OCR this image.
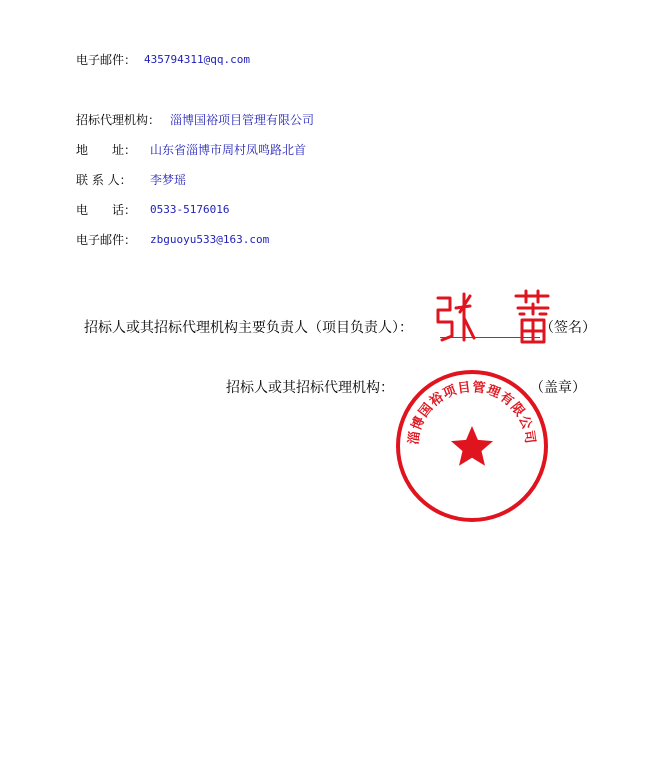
电子邮件： 435794311@qq.com
招标代理机构： 淄博国裕项目管理有限公司
地　　址： 山东省淄博市周村凤鸣路北首
联 系 人： 李梦瑶
电　　话： 0533-5176016
电子邮件： zbguoyu533@163.com
招标人或其招标代理机构主要负责人（项目负责人）：	（签名）
招标人或其招标代理机构：	（盖章）
淄博国裕项目管理有限公司
